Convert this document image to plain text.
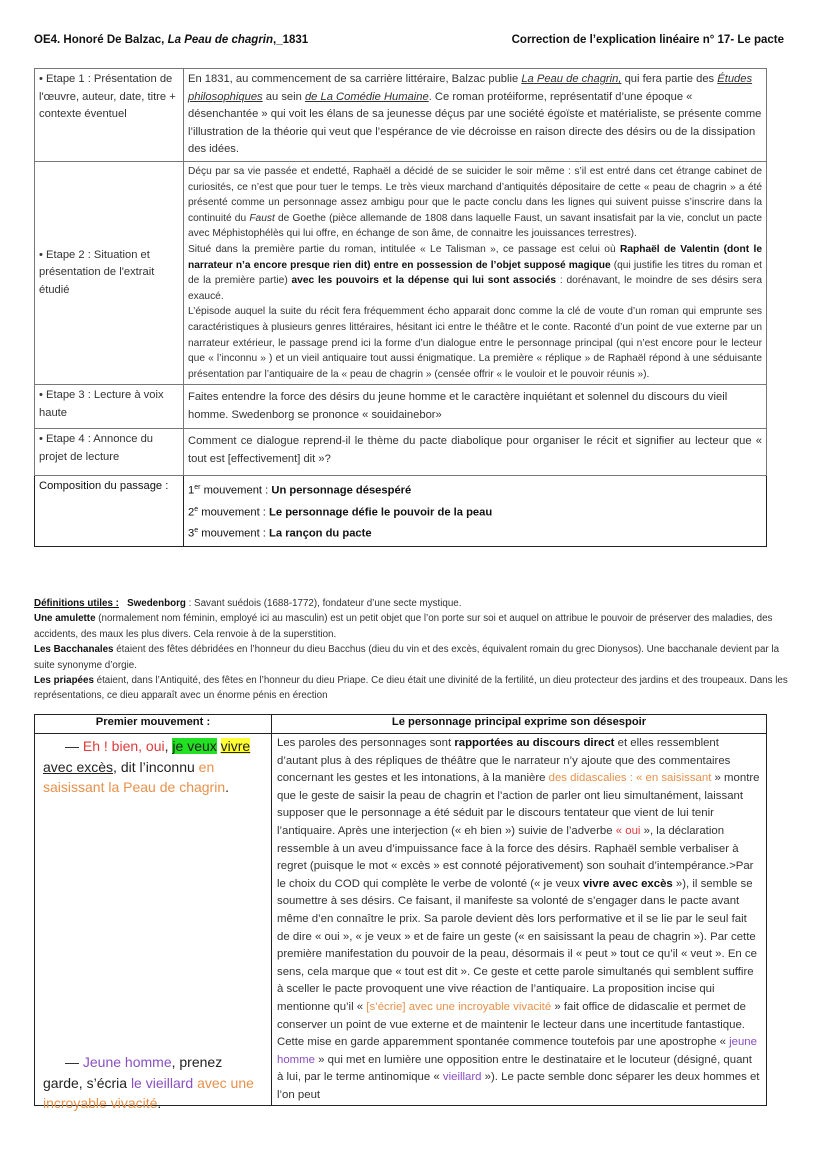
OE4. Honoré De Balzac, La Peau de chagrin,_1831	Correction de l’explication linéaire n° 17- Le pacte
• Etape 1 : Présentation de l'œuvre, auteur, date, titre + contexte éventuel	En 1831, au commencement de sa carrière littéraire, Balzac publie La Peau de chagrin, qui fera partie des Études philosophiques au sein de La Comédie Humaine. Ce roman protéiforme, représentatif d’une époque « désenchantée » qui voit les élans de sa jeunesse déçus par une société égoïste et matérialiste, se présente comme l’illustration de la théorie qui veut que l’espérance de vie décroisse en raison directe des désirs ou de la dissipation des idées.
• Etape 2 : Situation et présentation de l'extrait étudié	Déçu par sa vie passée et endetté, Raphaël a décidé de se suicider le soir même : s’il est entré dans cet étrange cabinet de curiosités, ce n’est que pour tuer le temps. Le très vieux marchand d’antiquités dépositaire de cette « peau de chagrin » a été présenté comme un personnage assez ambigu pour que le pacte conclu dans les lignes qui suivent puisse s’inscrire dans la continuité du Faust de Goethe (pièce allemande de 1808 dans laquelle Faust, un savant insatisfait par la vie, conclut un pacte avec Méphistophélès qui lui offre, en échange de son âme, de connaitre les jouissances terrestres).
Situé dans la première partie du roman, intitulée « Le Talisman », ce passage est celui où Raphaël de Valentin (dont le narrateur n’a encore presque rien dit) entre en possession de l’objet supposé magique (qui justifie les titres du roman et de la première partie) avec les pouvoirs et la dépense qui lui sont associés : dorénavant, le moindre de ses désirs sera exaucé.
L’épisode auquel la suite du récit fera fréquemment écho apparait donc comme la clé de voute d’un roman qui emprunte ses caractéristiques à plusieurs genres littéraires, hésitant ici entre le théâtre et le conte. Raconté d’un point de vue externe par un narrateur extérieur, le passage prend ici la forme d’un dialogue entre le personnage principal (qui n’est encore pour le lecteur que « l’inconnu » ) et un vieil antiquaire tout aussi énigmatique. La première « réplique » de Raphaël répond à une séduisante présentation par l’antiquaire de la « peau de chagrin » (censée offrir « le vouloir et le pouvoir réunis »).

• Etape 3 : Lecture à voix haute	Faites entendre la force des désirs du jeune homme et le caractère inquiétant et solennel du discours du vieil homme. Swedenborg se prononce « souidainebor»
• Etape 4 : Annonce du projet de lecture	Comment ce dialogue reprend-il le thème du pacte diabolique pour organiser le récit et signifier au lecteur que « tout est [effectivement] dit »?
Composition du passage :	1er mouvement : Un personnage désespéré
2e mouvement : Le personnage défie le pouvoir de la peau
3e mouvement : La rançon du pacte

Définitions utiles : Swedenborg : Savant suédois (1688-1772), fondateur d’une secte mystique.

Une amulette (normalement nom féminin, employé ici au masculin) est un petit objet que l’on porte sur soi et auquel on attribue le pouvoir de préserver des maladies, des accidents, des maux les plus divers. Cela renvoie à de la superstition.

Les Bacchanales étaient des fêtes débridées en l’honneur du dieu Bacchus (dieu du vin et des excès, équivalent romain du grec Dionysos). Une bacchanale devient par la suite synonyme d’orgie.

Les priapées étaient, dans l’Antiquité, des fêtes en l’honneur du dieu Priape. Ce dieu était une divinité de la fertilité, un dieu protecteur des jardins et des troupeaux. Dans les représentations, ce dieu apparaît avec un énorme pénis en érection

Premier mouvement :	Le personnage principal exprime son désespoir

— Eh ! bien, oui, je veux vivre avec excès, dit l’inconnu en saisissant la Peau de chagrin.
— Jeune homme, prenez garde, s’écria le vieillard avec une incroyable vivacité.	Les paroles des personnages sont rapportées au discours direct et elles ressemblent d’autant plus à des répliques de théâtre que le narrateur n’y ajoute que des commentaires concernant les gestes et les intonations, à la manière des didascalies : « en saisissant » montre que le geste de saisir la peau de chagrin et l’action de parler ont lieu simultanément, laissant supposer que le personnage a été séduit par le discours tentateur que vient de lui tenir l’antiquaire. Après une interjection (« eh bien ») suivie de l’adverbe « oui », la déclaration ressemble à un aveu d’impuissance face à la force des désirs. Raphaël semble verbaliser à regret (puisque le mot « excès » est connoté péjorativement) son souhait d’intempérance.>Par le choix du COD qui complète le verbe de volonté (« je veux vivre avec excès »), il semble se soumettre à ses désirs. Ce faisant, il manifeste sa volonté de s’engager dans le pacte avant même d’en connaître le prix. Sa parole devient dès lors performative et il se lie par le seul fait de dire « oui », « je veux » et de faire un geste (« en saisissant la peau de chagrin »). Par cette première manifestation du pouvoir de la peau, désormais il « peut » tout ce qu’il « veut ». En ce sens, cela marque que « tout est dit ». Ce geste et cette parole simultanés qui semblent suffire à sceller le pacte provoquent une vive réaction de l’antiquaire. La proposition incise qui mentionne qu’il « [s’écrie] avec une incroyable vivacité » fait office de didascalie et permet de conserver un point de vue externe et de maintenir le lecteur dans une incertitude fantastique. Cette mise en garde apparemment spontanée commence toutefois par une apostrophe « jeune homme » qui met en lumière une opposition entre le destinataire et le locuteur (désigné, quant à lui, par le terme antinomique « vieillard »). Le pacte semble donc séparer les deux hommes et l’on peut
